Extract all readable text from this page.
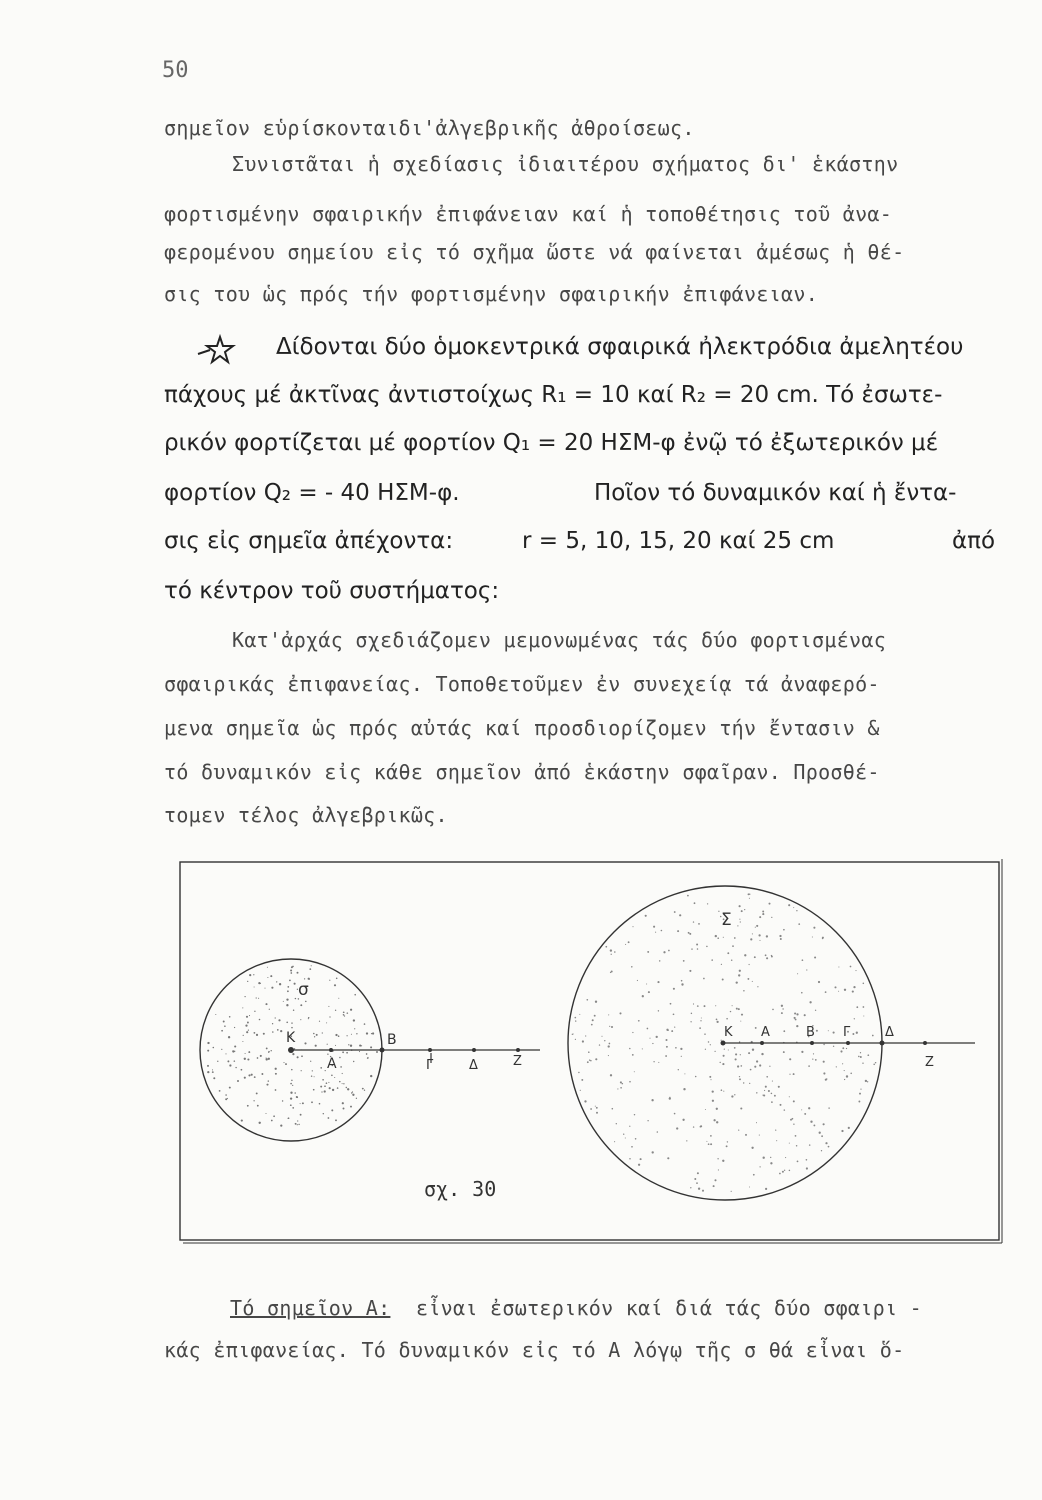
50
σημεῖον εὑρίσκονταιδι'ἀλγεβρικῆς ἀθροίσεως.
Συνιστᾶται ἡ σχεδίασις ἰδιαιτέρου σχήματος δι' ἑκάστην
φορτισμένην σφαιρικήν ἐπιφάνειαν καί ἡ τοποθέτησις τοῦ ἀνα-
φερομένου σημείου εἰς τό σχῆμα ὥστε νά φαίνεται ἀμέσως ἡ θέ-
σις του ὡς πρός τήν φορτισμένην σφαιρικήν ἐπιφάνειαν.
Δίδονται δύο ὁμοκεντρικά σφαιρικά ἠλεκτρόδια ἀμελητέου
πάχους μέ ἀκτῖνας ἀντιστοίχως R₁ = 10 καί R₂ = 20 cm. Τό ἐσωτε-
ρικόν φορτίζεται μέ φορτίον Q₁ = 20 ΗΣΜ-φ ἐνῷ τό ἐξωτερικόν μέ
φορτίον Q₂ = - 40 ΗΣΜ-φ.	Ποῖον τό δυναμικόν καί ἡ ἔντα-
σις εἰς σημεῖα ἀπέχοντα:	r = 5, 10, 15, 20 καί 25 cm	ἀπό
τό κέντρον τοῦ συστήματος:
Κατ'ἀρχάς σχεδιάζομεν μεμονωμένας τάς δύο φορτισμένας
σφαιρικάς ἐπιφανείας. Τοποθετοῦμεν ἐν συνεχείᾳ τά ἀναφερό-
μενα σημεῖα ὡς πρός αὐτάς καί προσδιορίζομεν τήν ἔντασιν &
τό δυναμικόν εἰς κάθε σημεῖον ἀπό ἑκάστην σφαῖραν. Προσθέ-
τομεν τέλος ἀλγεβρικῶς.
σ
K
A
B
Γ	Δ	Z
Σ
K A	B Γ	Δ
Z
σχ. 30
Τό σημεῖον Α: εἶναι ἐσωτερικόν καί διά τάς δύο σφαιρι -
κάς ἐπιφανείας. Τό δυναμικόν εἰς τό Α λόγῳ τῆς σ θά εἶναι ὅ-
